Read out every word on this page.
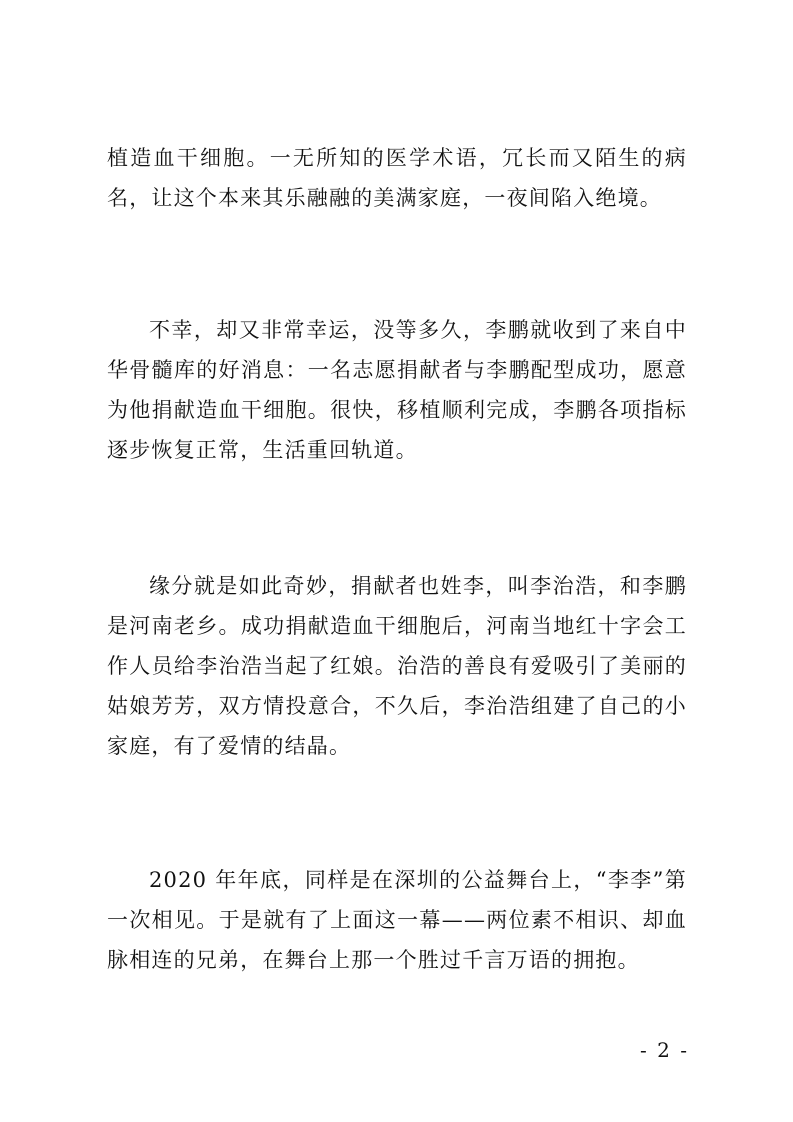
植造血干细胞。一无所知的医学术语，冗长而又陌生的病名，让这个本来其乐融融的美满家庭，一夜间陷入绝境。

不幸，却又非常幸运，没等多久，李鹏就收到了来自中华骨髓库的好消息：一名志愿捐献者与李鹏配型成功，愿意为他捐献造血干细胞。很快，移植顺利完成，李鹏各项指标逐步恢复正常，生活重回轨道。

缘分就是如此奇妙，捐献者也姓李，叫李治浩，和李鹏是河南老乡。成功捐献造血干细胞后，河南当地红十字会工作人员给李治浩当起了红娘。治浩的善良有爱吸引了美丽的姑娘芳芳，双方情投意合，不久后，李治浩组建了自己的小家庭，有了爱情的结晶。

2020 年年底，同样是在深圳的公益舞台上，“李李”第一次相见。于是就有了上面这一幕——两位素不相识、却血脉相连的兄弟，在舞台上那一个胜过千言万语的拥抱。

- 2 -
